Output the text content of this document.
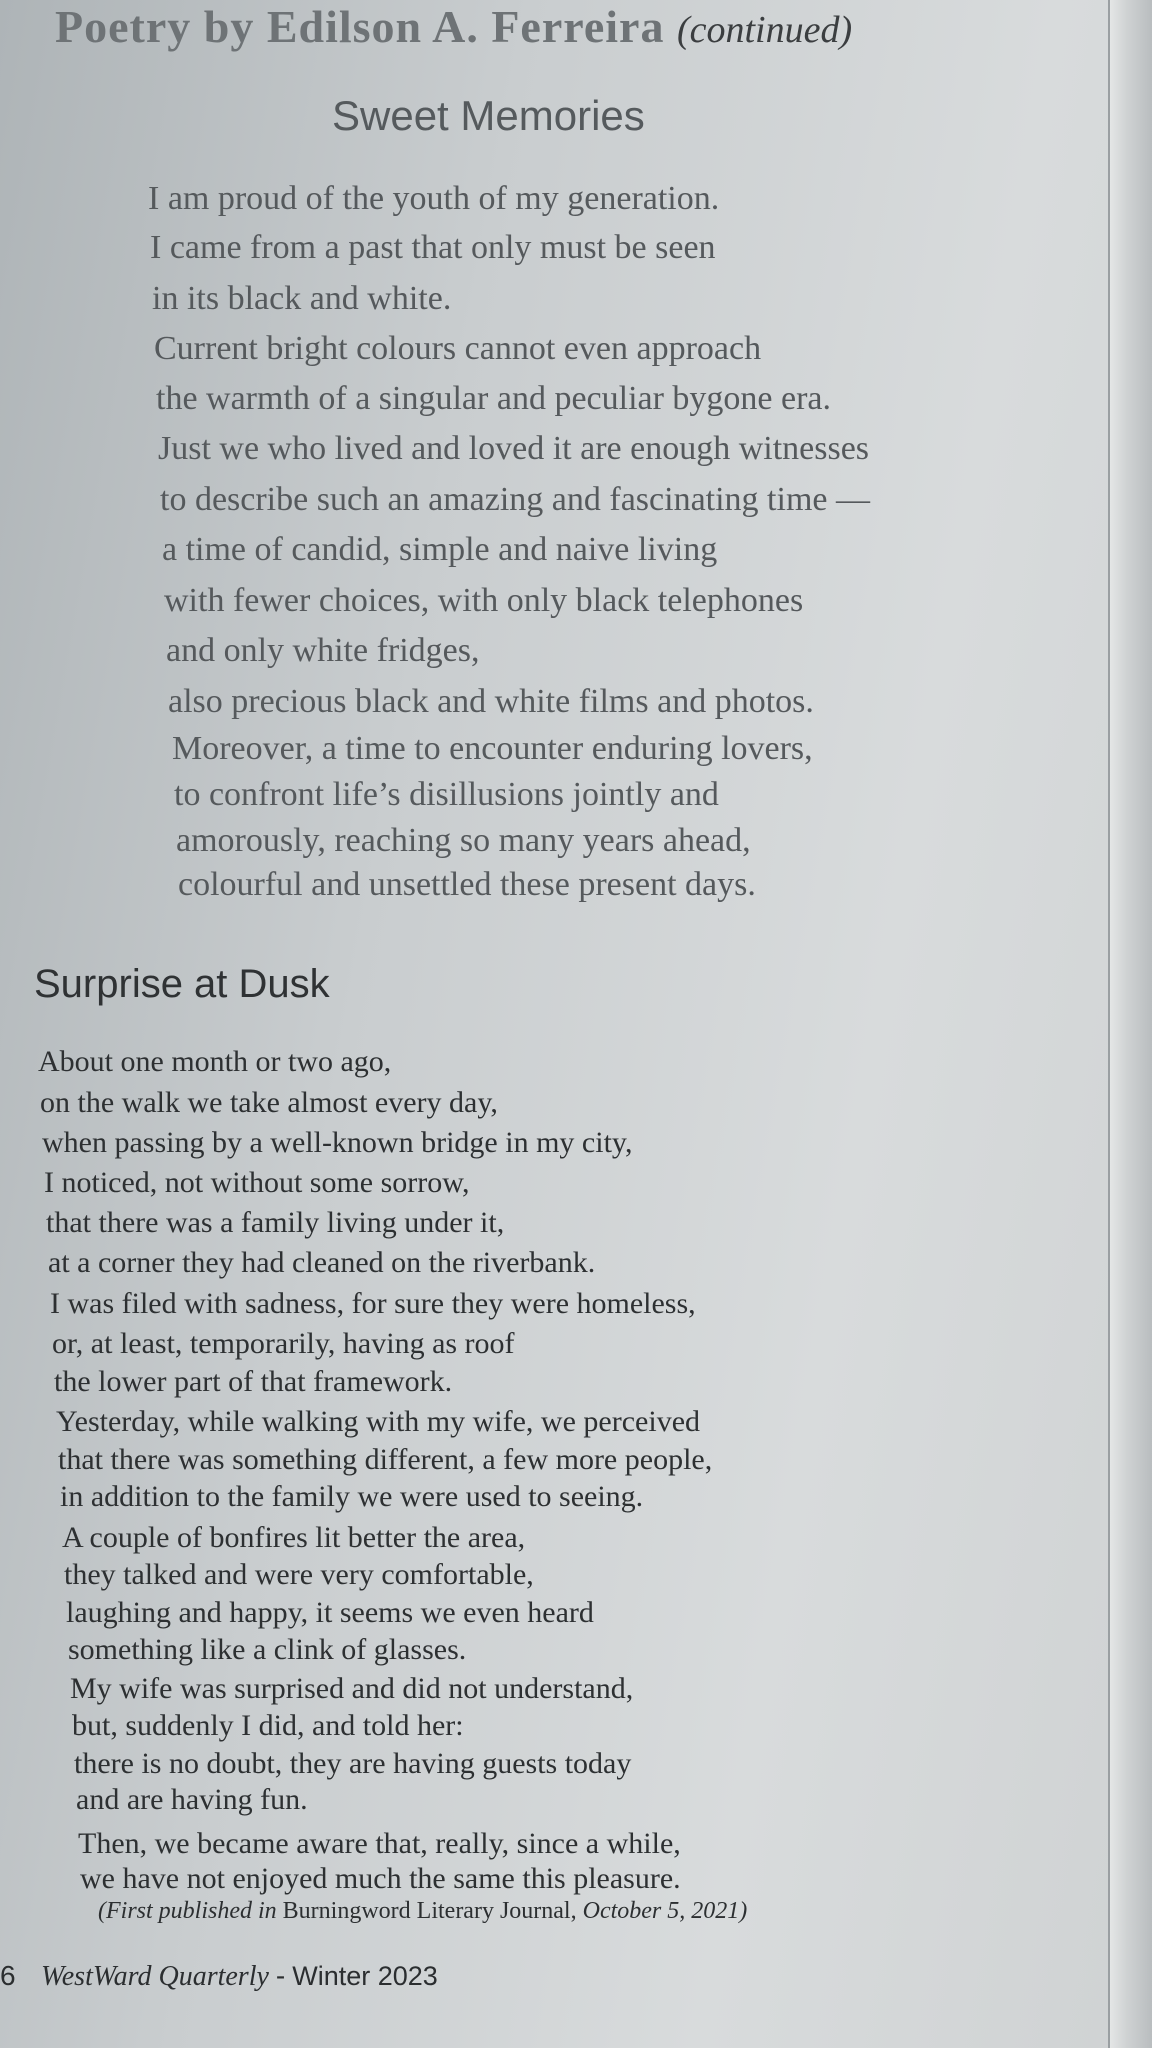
Poetry by Edilson A. Ferreira (continued)
Sweet Memories
I am proud of the youth of my generation.
I came from a past that only must be seen
in its black and white.
Current bright colours cannot even approach
the warmth of a singular and peculiar bygone era.
Just we who lived and loved it are enough witnesses
to describe such an amazing and fascinating time —
a time of candid, simple and naive living
with fewer choices, with only black telephones
and only white fridges,
also precious black and white films and photos.
Moreover, a time to encounter enduring lovers,
to confront life’s disillusions jointly and
amorously, reaching so many years ahead,
colourful and unsettled these present days.
Surprise at Dusk
About one month or two ago,
on the walk we take almost every day,
when passing by a well-known bridge in my city,
I noticed, not without some sorrow,
that there was a family living under it,
at a corner they had cleaned on the riverbank.
I was filed with sadness, for sure they were homeless,
or, at least, temporarily, having as roof
the lower part of that framework.
Yesterday, while walking with my wife, we perceived
that there was something different, a few more people,
in addition to the family we were used to seeing.
A couple of bonfires lit better the area,
they talked and were very comfortable,
laughing and happy, it seems we even heard
something like a clink of glasses.
My wife was surprised and did not understand,
but, suddenly I did, and told her:
there is no doubt, they are having guests today
and are having fun.
Then, we became aware that, really, since a while,
we have not enjoyed much the same this pleasure.
(First published in Burningword Literary Journal, October 5, 2021)
6 WestWard Quarterly - Winter 2023
